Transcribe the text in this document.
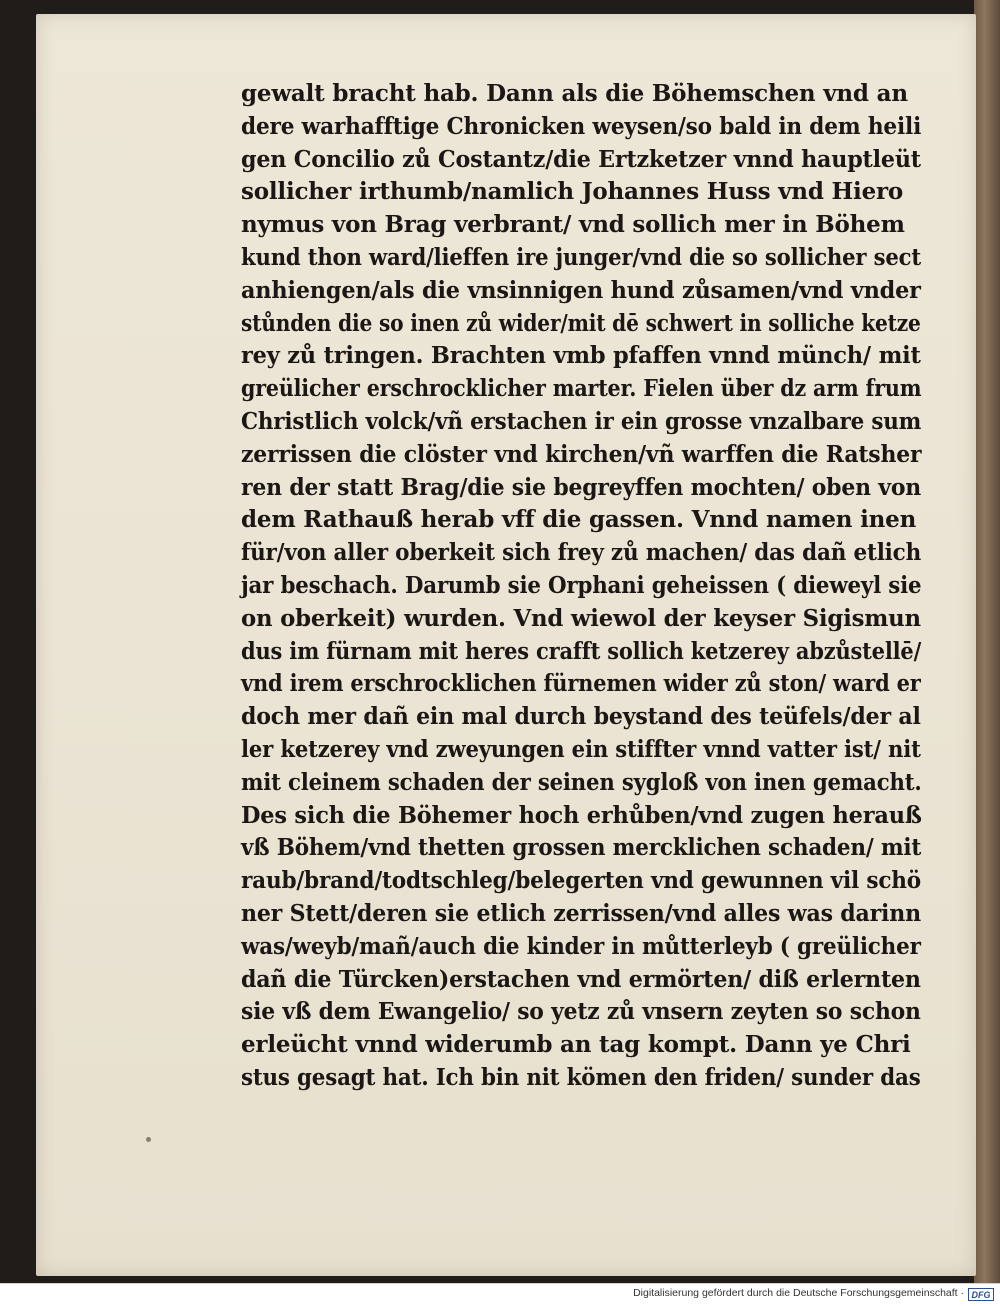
gewalt bracht hab. Dann als die Böhemschen vnd an
dere warhafftige Chronicken weysen/so bald in dem heili
gen Concilio zů Costantz/die Ertzketzer vnnd hauptleüt
sollicher irthumb/namlich Johannes Huss vnd Hiero
nymus von Brag verbrant/ vnd sollich mer in Böhem
kund thon ward/lieffen ire junger/vnd die so sollicher sect
anhiengen/als die vnsinnigen hund zůsamen/vnd vnder
stůnden die so inen zů wider/mit dē schwert in solliche ketze
rey zů tringen. Brachten vmb pfaffen vnnd münch/ mit
greülicher erschrocklicher marter. Fielen über dz arm frum
Christlich volck/vñ erstachen ir ein grosse vnzalbare sum
zerrissen die clöster vnd kirchen/vñ warffen die Ratsher
ren der statt Brag/die sie begreyffen mochten/ oben von
dem Rathauß herab vff die gassen. Vnnd namen inen
für/von aller oberkeit sich frey zů machen/ das dañ etlich
jar beschach. Darumb sie Orphani geheissen ( dieweyl sie
on oberkeit) wurden. Vnd wiewol der keyser Sigismun
dus im fürnam mit heres crafft sollich ketzerey abzůstellē/
vnd irem erschrocklichen fürnemen wider zů ston/ ward er
doch mer dañ ein mal durch beystand des teüfels/der al
ler ketzerey vnd zweyungen ein stiffter vnnd vatter ist/ nit
mit cleinem schaden der seinen sygloß von inen gemacht.
Des sich die Böhemer hoch erhůben/vnd zugen herauß
vß Böhem/vnd thetten grossen mercklichen schaden/ mit
raub/brand/todtschleg/belegerten vnd gewunnen vil schö
ner Stett/deren sie etlich zerrissen/vnd alles was darinn
was/weyb/mañ/auch die kinder in můtterleyb ( greülicher
dañ die Türcken)erstachen vnd ermörten/ diß erlernten
sie vß dem Ewangelio/ so yetz zů vnsern zeyten so schon
erleücht vnnd widerumb an tag kompt. Dann ye Chri
stus gesagt hat. Ich bin nit kömen den friden/ sunder das
Digitalisierung gefördert durch die Deutsche Forschungsgemeinschaft · DFG
